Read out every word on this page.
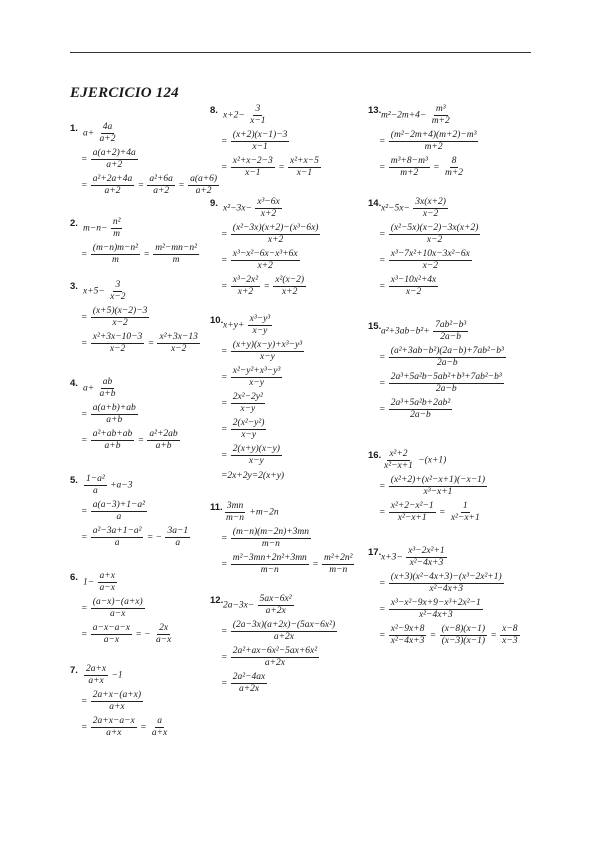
EJERCICIO 124
1. $a+ \frac{4a}{a+2}$
= $\frac{a(a+2)+4a}{a+2}$
= $\frac{\text{a²+2a+4a}}{a+2} = \frac{\text{a²+6a}}{a+2} = \frac{a(a+6)}{a+2}$
2. $m-n- \frac{\text{n²}}{m}$
= $\frac{\text{(m−n)m−n²}}{m} = \frac{\text{m²−mn−n²}}{m}$
3. $x+5- \frac{3}{x-2}$
= $\frac{(x+5)(x-2)-3}{x-2}$
= $\frac{\text{x²+3x−10−3}}{x-2} = \frac{\text{x²+3x−13}}{x-2}$
4. $a+ \frac{ab}{a+b}$
= $\frac{a(a+b)+ab}{a+b}$
= $\frac{\text{a²+ab+ab}}{a+b} = \frac{\text{a²+2ab}}{a+b}$
5. $\frac{\text{1−a²}}{a} +a-3$
= $\frac{\text{a(a−3)+1−a²}}{a}$
= $\frac{\text{a²−3a+1−a²}}{a}$ = − $\frac{3a-1}{a}$
6. $1- \frac{a+x}{a-x}$
= $\frac{(a-x)-(a+x)}{a-x}$
= $\frac{a-x-a-x}{a-x}$ = − $\frac{2x}{a-x}$
7. $\frac{2a+x}{a+x} -1$
= $\frac{2a+x-(a+x)}{a+x}$
= $\frac{2a+x-a-x}{a+x} = \frac{a}{a+x}$
8. $x+2- \frac{3}{x-1}$
= $\frac{(x+2)(x-1)-3}{x-1}$
= $\frac{\text{x²+x−2−3}}{x-1} = \frac{\text{x²+x−5}}{x-1}$
9. $x^2-3x- \frac{\text{x³−6x}}{x+2}$
= $\frac{\text{(x²−3x)(x+2)−(x³−6x)}}{x+2}$
= $\frac{\text{x³−x²−6x−x³+6x}}{x+2}$
= $\frac{\text{x³−2x²}}{x+2} = \frac{\text{x²(x−2)}}{x+2}$
10. $x+y+ \frac{\text{x³−y³}}{x-y}$
= $\frac{\text{(x+y)(x−y)+x³−y³}}{x-y}$
= $\frac{\text{x²−y²+x³−y³}}{x-y}$
= $\frac{\text{2x²−2y²}}{x-y}$
= $\frac{\text{2(x²−y²)}}{x-y}$
= $\frac{2(x+y)(x-y)}{x-y}$
=2x+2y=2(x+y)
11. $\frac{3mn}{m-n} +m-2n$
= $\frac{(m-n)(m-2n)+3mn}{m-n}$
= $\frac{\text{m²−3mn+2n²+3mn}}{m-n} = \frac{\text{m²+2n²}}{m-n}$
12. $2a-3x- \frac{\text{5ax−6x²}}{a+2x}$
= $\frac{\text{(2a−3x)(a+2x)−(5ax−6x²)}}{a+2x}$
= $\frac{\text{2a²+ax−6x²−5ax+6x²}}{a+2x}$
= $\frac{\text{2a²−4ax}}{a+2x}$
13. $m^2-2m+4- \frac{\text{m³}}{m+2}$
= $\frac{\text{(m²−2m+4)(m+2)−m³}}{m+2}$
= $\frac{\text{m³+8−m³}}{m+2} = \frac{8}{m+2}$
14. $x^2-5x- \frac{3x(x+2)}{x-2}$
= $\frac{\text{(x²−5x)(x−2)−3x(x+2)}}{x-2}$
= $\frac{\text{x³−7x²+10x−3x²−6x}}{x-2}$
= $\frac{\text{x³−10x²+4x}}{x-2}$
15. $a^2+3ab-b^2+ \frac{\text{7ab²−b³}}{2a-b}$
= $\frac{\text{(a²+3ab−b²)(2a−b)+7ab²−b³}}{2a-b}$
= $\frac{\text{2a³+5a²b−5ab²+b³+7ab²−b³}}{2a-b}$
= $\frac{\text{2a³+5a²b+2ab²}}{2a-b}$
16. $\frac{\text{x²+2}}{\text{x²−x+1}} -(x+1)$
= $\frac{\text{(x²+2)+(x²−x+1)(−x−1)}}{\text{x³−x+1}}$
= $\frac{\text{x²+2−x²−1}}{\text{x²−x+1}} = \frac{1}{\text{x²−x+1}}$
17. $x+3- \frac{\text{x³−2x²+1}}{\text{x²−4x+3}}$
= $\frac{\text{(x+3)(x²−4x+3)−(x³−2x²+1)}}{\text{x²−4x+3}}$
= $\frac{\text{x³−x²−9x+9−x³+2x²−1}}{\text{x²−4x+3}}$
= $\frac{\text{x²−9x+8}}{\text{x²−4x+3}} = \frac{(x-8)(x-1)}{(x-3)(x-1)} = \frac{x-8}{x-3}$
